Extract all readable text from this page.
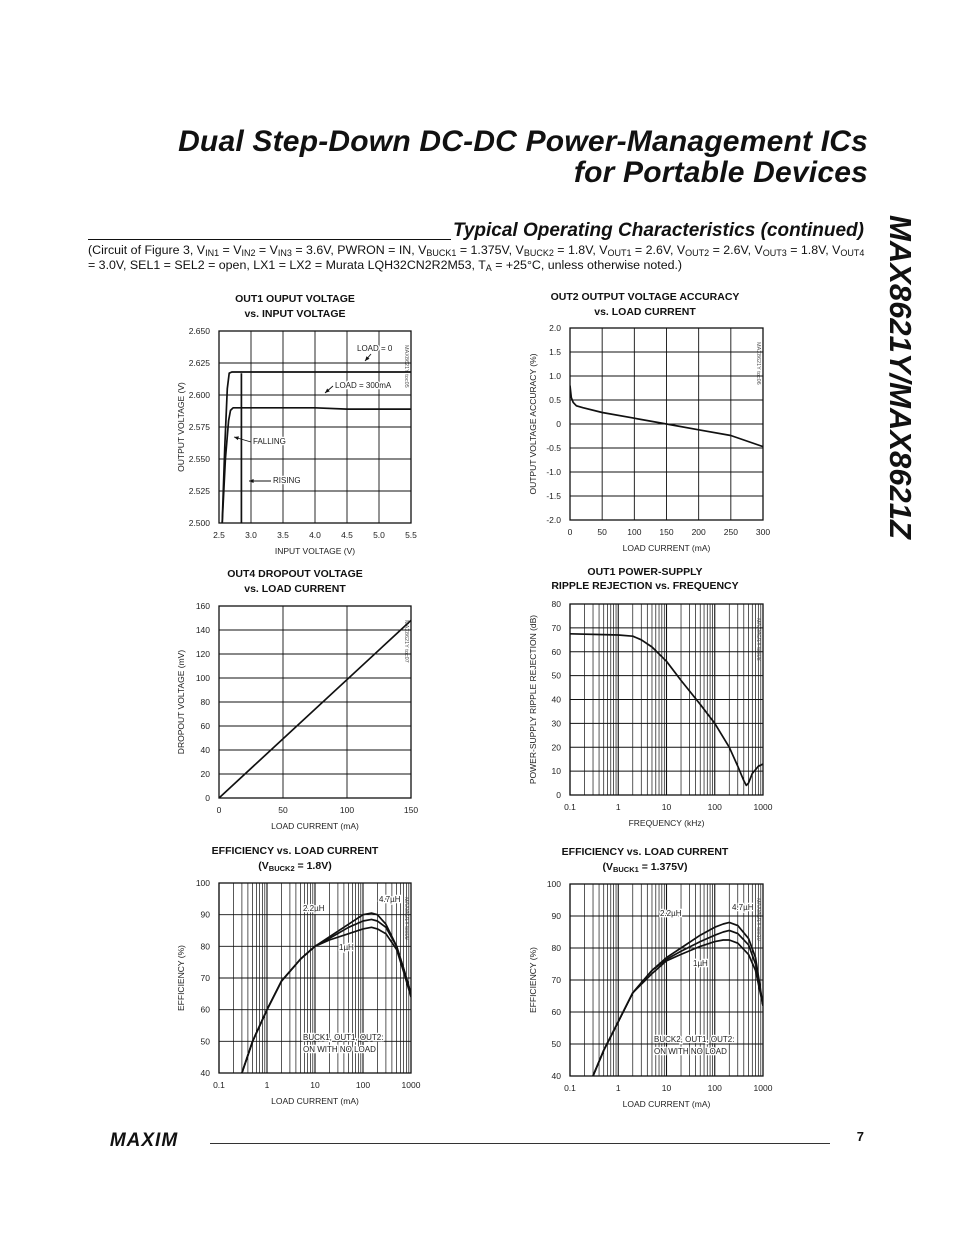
Dual Step-Down DC-DC Power-Management ICs
for Portable Devices
MAX8621Y/MAX8621Z
Typical Operating Characteristics (continued)
(Circuit of Figure 3, $V_{IN1} = V_{IN2} = V_{IN3} = 3.6V$, PWRON = IN, $V_{BUCK1} = 1.375V$, $V_{BUCK2} = 1.8V$, $V_{OUT1} = 2.6V$, $V_{OUT2} = 2.6V$, $V_{OUT3} = 1.8V$, $V_{OUT4} = 3.0V$, SEL1 = SEL2 = open, LX1 = LX2 = Murata LQH32CN2R2M53, $T_A = +25^\circ C$, unless otherwise noted.)
OUT1 OUPUT VOLTAGE
vs. INPUT VOLTAGE
2.500
2.525
2.550
2.575
2.600
2.625
2.650
2.5 3.0 3.5 4.0 4.5 5.0 5.5
INPUT VOLTAGE (V)
OUTPUT VOLTAGE (V)
MAX8621Y toc05
LOAD = 0
LOAD = 300mA
FALLING
RISING
OUT2 OUTPUT VOLTAGE ACCURACY
vs. LOAD CURRENT
-2.0
-1.5
-1.0
-0.5
0
0.5
1.0
1.5
2.0
0	50 100 150 200 250 300
LOAD CURRENT (mA)
OUTPUT VOLTAGE ACCURACY (%)	MAX8621Y toc06
OUT4 DROPOUT VOLTAGE
vs. LOAD CURRENT
0
20
40
60
80
100
120
140
160
0	50	100	150
LOAD CURRENT (mA)
DROPOUT VOLTAGE (mV)
MAX8621Y toc07
OUT1 POWER-SUPPLY
RIPPLE REJECTION vs. FREQUENCY
0
10
20
30
40
50
60
70
80
0.1	1	10	100	1000
FREQUENCY (kHz)
POWER-SUPPLY RIPPLE REJECTION (dB)	MAX8621Y toc08
EFFICIENCY vs. LOAD CURRENT
$(V_{BUCK2} = 1.8V)$
40
50
60
70
80
90
100
0.1	1	10	100	1000
LOAD CURRENT (mA)
EFFICIENCY (%)
MAX8621Y toc09
2.2µH
4.7µH
1µH
BUCK1, OUT1, OUT2:
ON WITH NO LOAD
EFFICIENCY vs. LOAD CURRENT
$(V_{BUCK1} = 1.375V)$
40
50
60
70
80
90
100
0.1	1	10	100	1000
LOAD CURRENT (mA)
EFFICIENCY (%)
MAX8621Y toc10
2.2µH
4.7µH
1µH
BUCK2, OUT1, OUT2:
ON WITH NO LOAD
MAXIM	7
